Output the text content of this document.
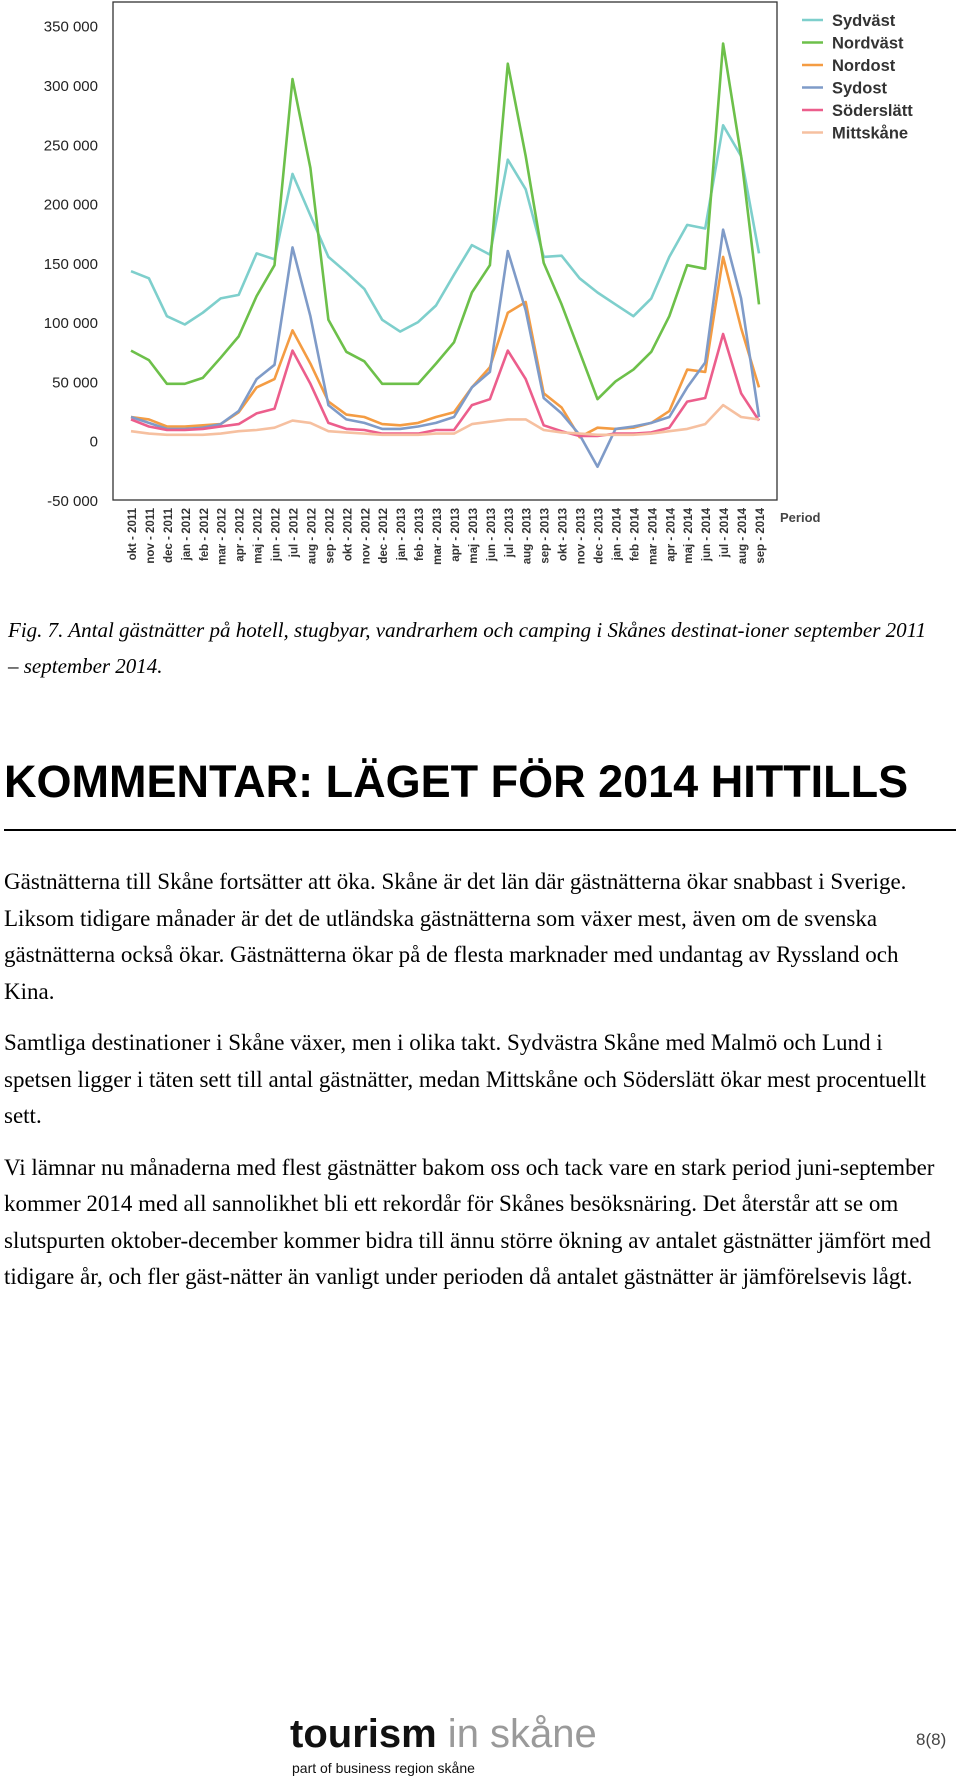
350 000
300 000
250 000
200 000
150 000
100 000
50 000
0
-50 000
okt - 2011 nov - 2011 dec - 2011 jan - 2012 feb - 2012 mar - 2012 apr - 2012 maj - 2012 jun - 2012 jul - 2012 aug - 2012 sep - 2012 okt - 2012 nov - 2012 dec - 2012 jan - 2013 feb - 2013 mar - 2013 apr - 2013 maj - 2013 jun - 2013 jul - 2013 aug - 2013 sep - 2013 okt - 2013 nov - 2013 dec - 2013 jan - 2014 feb - 2014 mar - 2014 apr - 2014 maj - 2014 jun - 2014 jul - 2014 aug - 2014 sep - 2014 Period
Sydväst
Nordväst
Nordost
Sydost
Söderslätt
Mittskåne
Fig. 7. Antal gästnätter på hotell, stugbyar, vandrarhem och camping i Skånes destinat-ioner september 2011 – september 2014.
KOMMENTAR: LÄGET FÖR 2014 HITTILLS

Gästnätterna till Skåne fortsätter att öka. Skåne är det län där gästnätterna ökar snabbast i Sverige. Liksom tidigare månader är det de utländska gästnätterna som växer mest, även om de svenska gästnätterna också ökar. Gästnätterna ökar på de flesta marknader med undantag av Ryssland och Kina.

Samtliga destinationer i Skåne växer, men i olika takt. Sydvästra Skåne med Malmö och Lund i spetsen ligger i täten sett till antal gästnätter, medan Mittskåne och Söderslätt ökar mest procentuellt sett.

Vi lämnar nu månaderna med flest gästnätter bakom oss och tack vare en stark period juni-september kommer 2014 med all sannolikhet bli ett rekordår för Skånes besöksnäring. Det återstår att se om slutspurten oktober-december kommer bidra till ännu större ökning av antalet gästnätter jämfört med tidigare år, och fler gäst-nätter än vanligt under perioden då antalet gästnätter är jämförelsevis lågt.

tourism in skåne
part of business region skåne
8(8)
